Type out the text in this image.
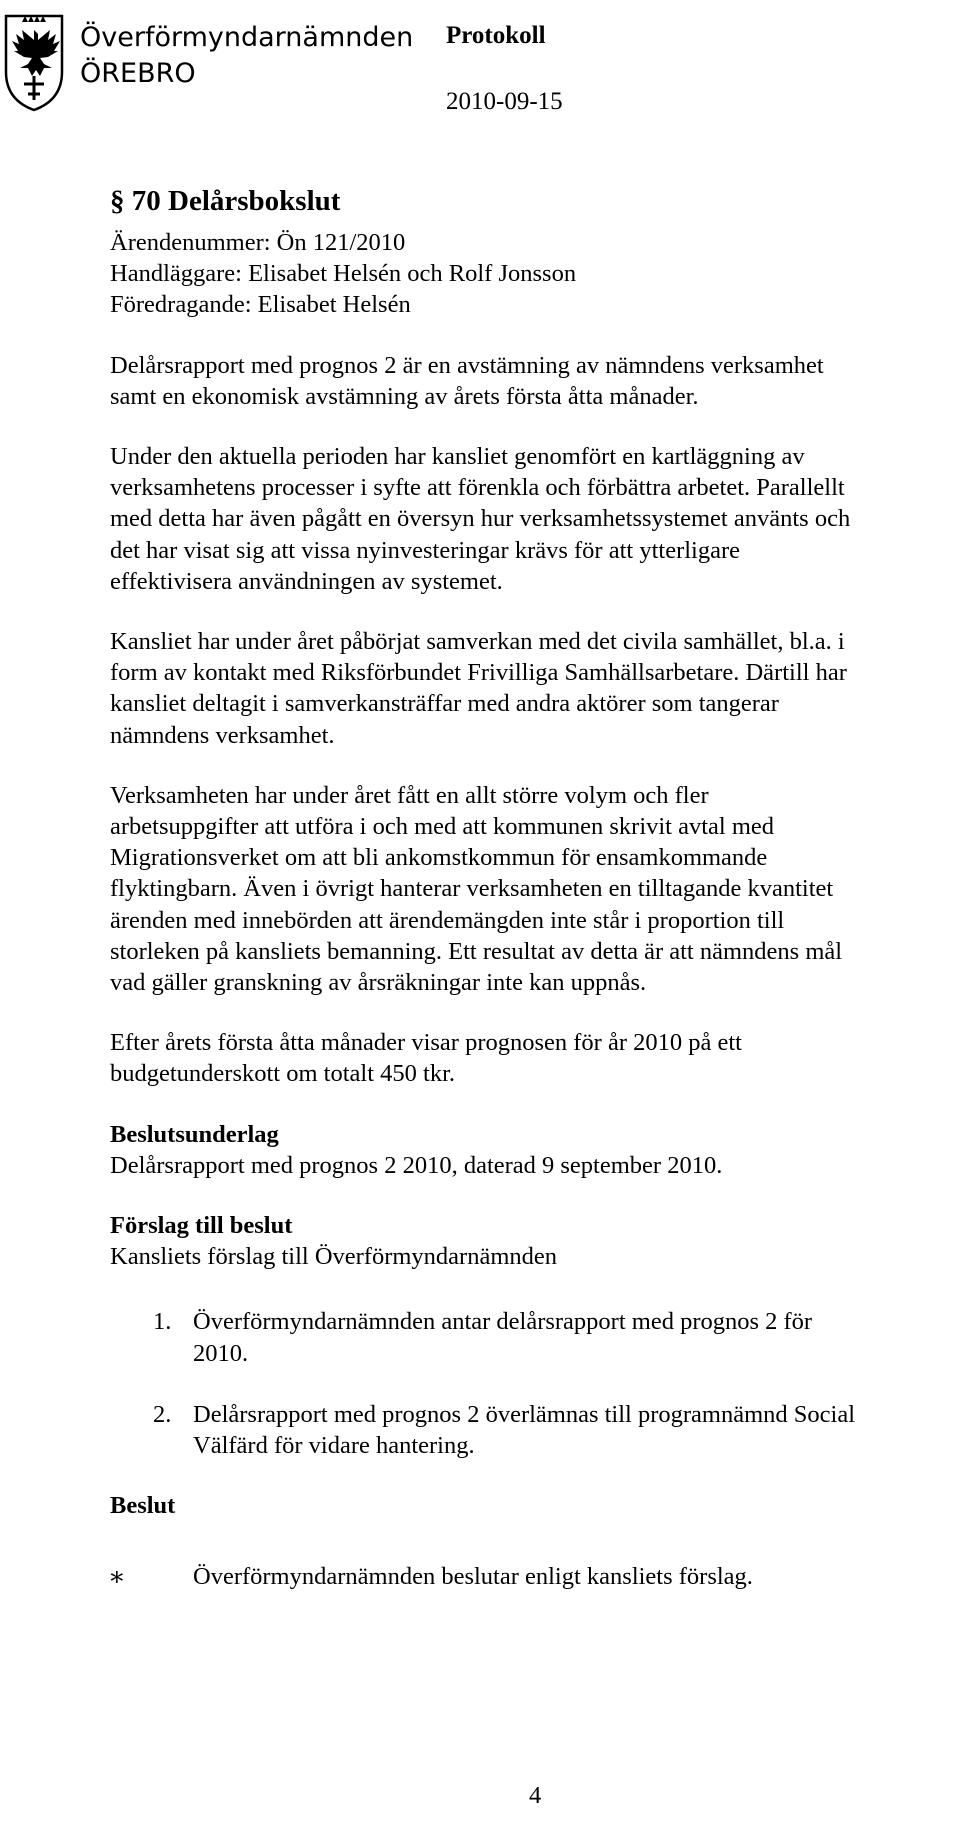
Överförmyndarnämnden
ÖREBRO
Protokoll
2010-09-15
§ 70 Delårsbokslut
Ärendenummer: Ön 121/2010
Handläggare: Elisabet Helsén och Rolf Jonsson
Föredragande: Elisabet Helsén
Delårsrapport med prognos 2 är en avstämning av nämndens verksamhet
samt en ekonomisk avstämning av årets första åtta månader.
Under den aktuella perioden har kansliet genomfört en kartläggning av
verksamhetens processer i syfte att förenkla och förbättra arbetet. Parallellt
med detta har även pågått en översyn hur verksamhetssystemet använts och
det har visat sig att vissa nyinvesteringar krävs för att ytterligare
effektivisera användningen av systemet.
Kansliet har under året påbörjat samverkan med det civila samhället, bl.a. i
form av kontakt med Riksförbundet Frivilliga Samhällsarbetare. Därtill har
kansliet deltagit i samverkansträffar med andra aktörer som tangerar
nämndens verksamhet.
Verksamheten har under året fått en allt större volym och fler
arbetsuppgifter att utföra i och med att kommunen skrivit avtal med
Migrationsverket om att bli ankomstkommun för ensamkommande
flyktingbarn. Även i övrigt hanterar verksamheten en tilltagande kvantitet
ärenden med innebörden att ärendemängden inte står i proportion till
storleken på kansliets bemanning. Ett resultat av detta är att nämndens mål
vad gäller granskning av årsräkningar inte kan uppnås.
Efter årets första åtta månader visar prognosen för år 2010 på ett
budgetunderskott om totalt 450 tkr.
Beslutsunderlag
Delårsrapport med prognos 2 2010, daterad 9 september 2010.
Förslag till beslut
Kansliets förslag till Överförmyndarnämnden
1. Överförmyndarnämnden antar delårsrapport med prognos 2 för
2010.
2. Delårsrapport med prognos 2 överlämnas till programnämnd Social
Välfärd för vidare hantering.
Beslut
∗	Överförmyndarnämnden beslutar enligt kansliets förslag.
4
